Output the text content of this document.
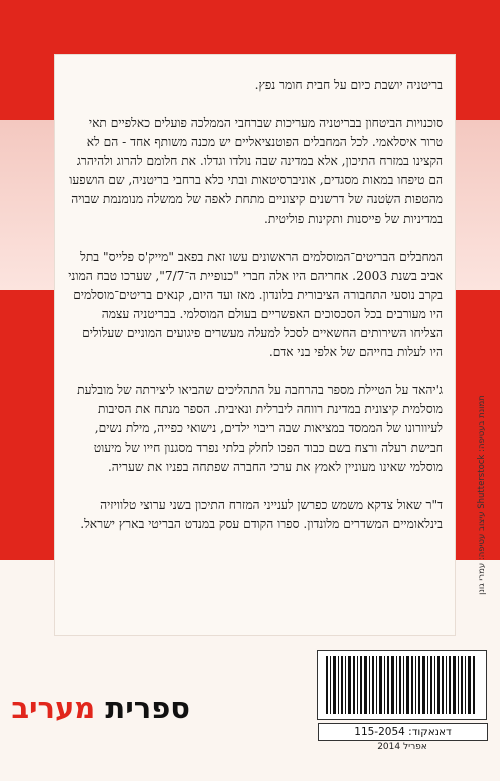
בריטניה יושבת כיום על חבית חומר נפץ.

סוכנויות הביטחון בבריטניה מעריכות שברחבי הממלכה פועלים כאלפיים תאי טרור איסלאמי. לכל המחבלים הפוטנציאליים יש מכנה משותף אחד - הם לא הקצינו במזרח התיכון, אלא במדינה שבה נולדו וגדלו. את חלומם להרוג ולהיהרג הם טיפחו במאות מסגדים, אוניברסיטאות ובתי כלא ברחבי בריטניה, שם הושפעו מהטפות השִׂטנה של דרשנים קיצוניים מתחת לאפה של ממשלה מנומנמת שבויה במדיניות של פייסנות ותקינות פוליטית.

המחבלים הבריטים־המוסלמים הראשונים עשו זאת בפאב "מייק'ס פלייס" בתל אביב בשנת 2003. אחריהם היו אלה חברי "כנופיית ה־7/7", שערכו טבח המוני בקרב נוסעי התחבורה הציבורית בלונדון. מאז ועד היום, קנאים בריטים־מוסלמים היו מעורבים בכל הסכסוכים האפשריים בעולם המוסלמי. בבריטניה עצמה הצליחו השירותים החשאיים לסכל למעלה מעשרים פיגועים המוניים שעלולים היו לעלות בחייהם של אלפי בני אדם.

ג'יהאד על הטיילת מספר בהרחבה על התהליכים שהביאו ליצירתה של מובלעת מוסלמית קיצונית במדינת רווחה ליברלית ונאיבית. הספר מנתח את הסיבות לעיוורונו של הממסד במציאות שבה ריבוי ילדים, נישואי כפייה, מילת נשים, חבישת רעלה ורצח בשם כבוד הפכו לחלק בלתי נפרד מסגנון חייו של מיעוט מוסלמי שאינו מעוניין לאמץ את ערכי החברה שפתחה בפניו את שעריה.

ד"ר שאול צדקא משמש כפרשן לענייני המזרח התיכון בשני ערוצי טלוויזיה בינלאומיים המשדרים מלונדון. ספרו הקודם עסק במנדט הבריטי בארץ ישראל.	תמונת בעטיפה: Shutterstock עיצוב עטיפה: עמרי גונן
ספרית מעריב
דאנאקוד: 115-2054
אפריל 2014
